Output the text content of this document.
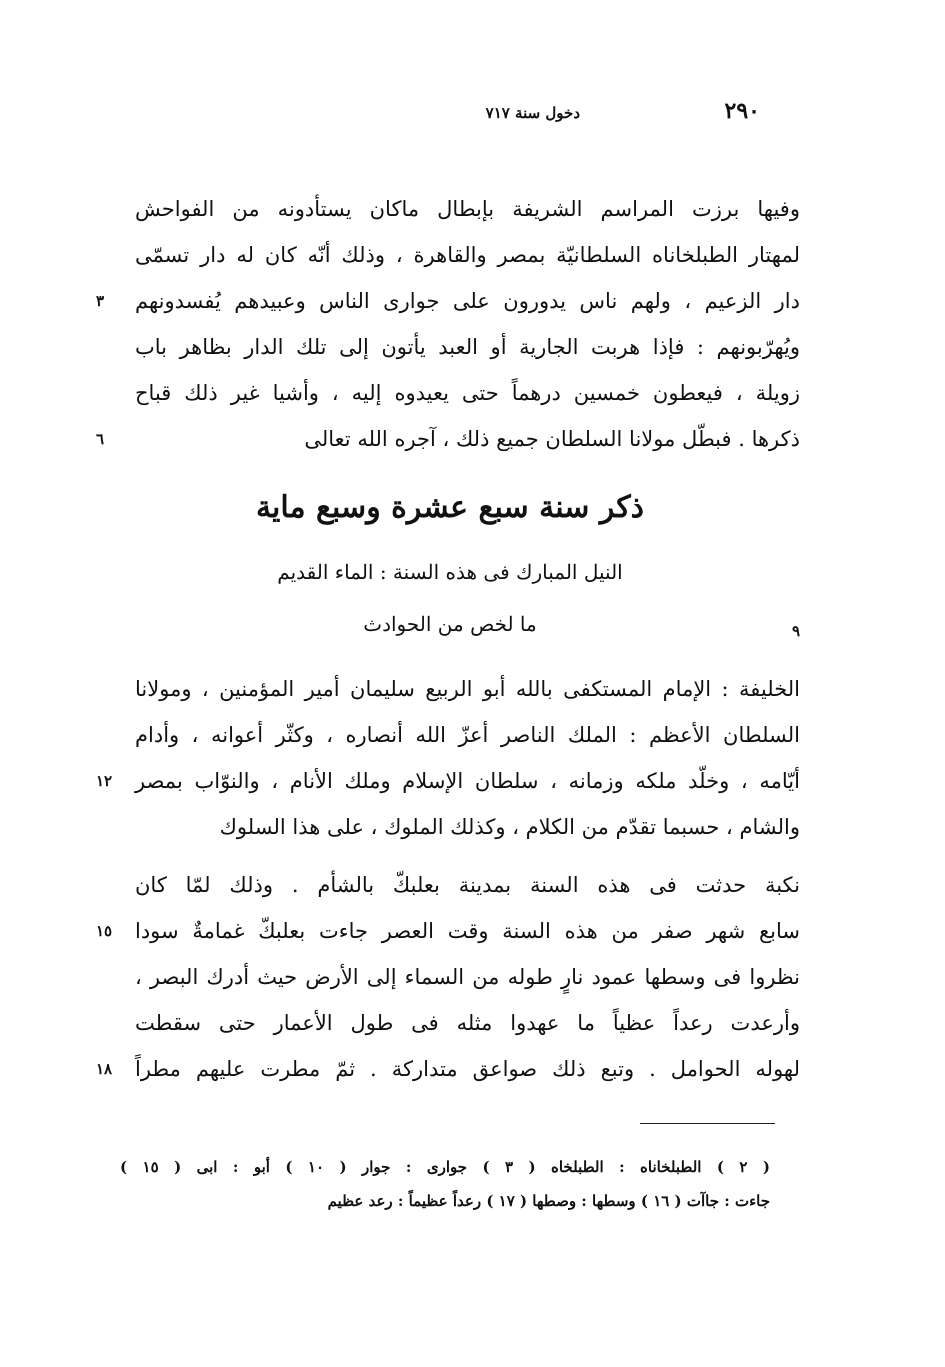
٢٩٠
دخول سنة ٧١٧
وفيها برزت المراسم الشريفة بإبطال ماكان يستأدونه من الفواحش
لمهتار الطبلخاناه السلطانيّة بمصر والقاهرة ، وذلك أنّه كان له دار تسمّى
دار الزعيم ، ولهم ناس يدورون على جوارى الناس وعبيدهم يُفسدونهم
٣
ويُهرّبونهم : فإذا هربت الجارية أو العبد يأتون إلى تلك الدار بظاهر باب
زويلة ، فيعطون خمسين درهماً حتى يعيدوه إليه ، وأشيا غير ذلك قباح
ذكرها . فبطّل مولانا السلطان جميع ذلك ، آجره الله تعالى
٦
ذكر سنة سبع عشرة وسبع ماية
النيل المبارك فى هذه السنة : الماء القديم
ما لخص من الحوادث	٩
الخليفة : الإمام المستكفى بالله أبو الربيع سليمان أمير المؤمنين ، ومولانا
السلطان الأعظم : الملك الناصر أعزّ الله أنصاره ، وكثّر أعوانه ، وأدام
أيّامه ، وخلّد ملكه وزمانه ، سلطان الإسلام وملك الأنام ، والنوّاب بمصر
١٢
والشام ، حسبما تقدّم من الكلام ، وكذلك الملوك ، على هذا السلوك
نكبة حدثت فى هذه السنة بمدينة بعلبكّ بالشأم . وذلك لمّا كان
سابع شهر صفر من هذه السنة وقت العصر جاءت بعلبكّ غمامةٌ سودا
١٥
نظروا فى وسطها عمود نارٍ طوله من السماء إلى الأرض حيث أدرك البصر ،
وأرعدت رعداً عظياً ما عهدوا مثله فى طول الأعمار حتى سقطت
لهوله الحوامل . وتبع ذلك صواعق متداركة . ثمّ مطرت عليهم مطراً
١٨
( ٢ ) الطبلخاناه : الطبلخاه ( ٣ ) جوارى : جوار ( ١٠ ) أبو : ابى ( ١٥ )
جاءت : جاآت ( ١٦ ) وسطها : وصطها ( ١٧ ) رعداً عظيماً : رعد عظيم
